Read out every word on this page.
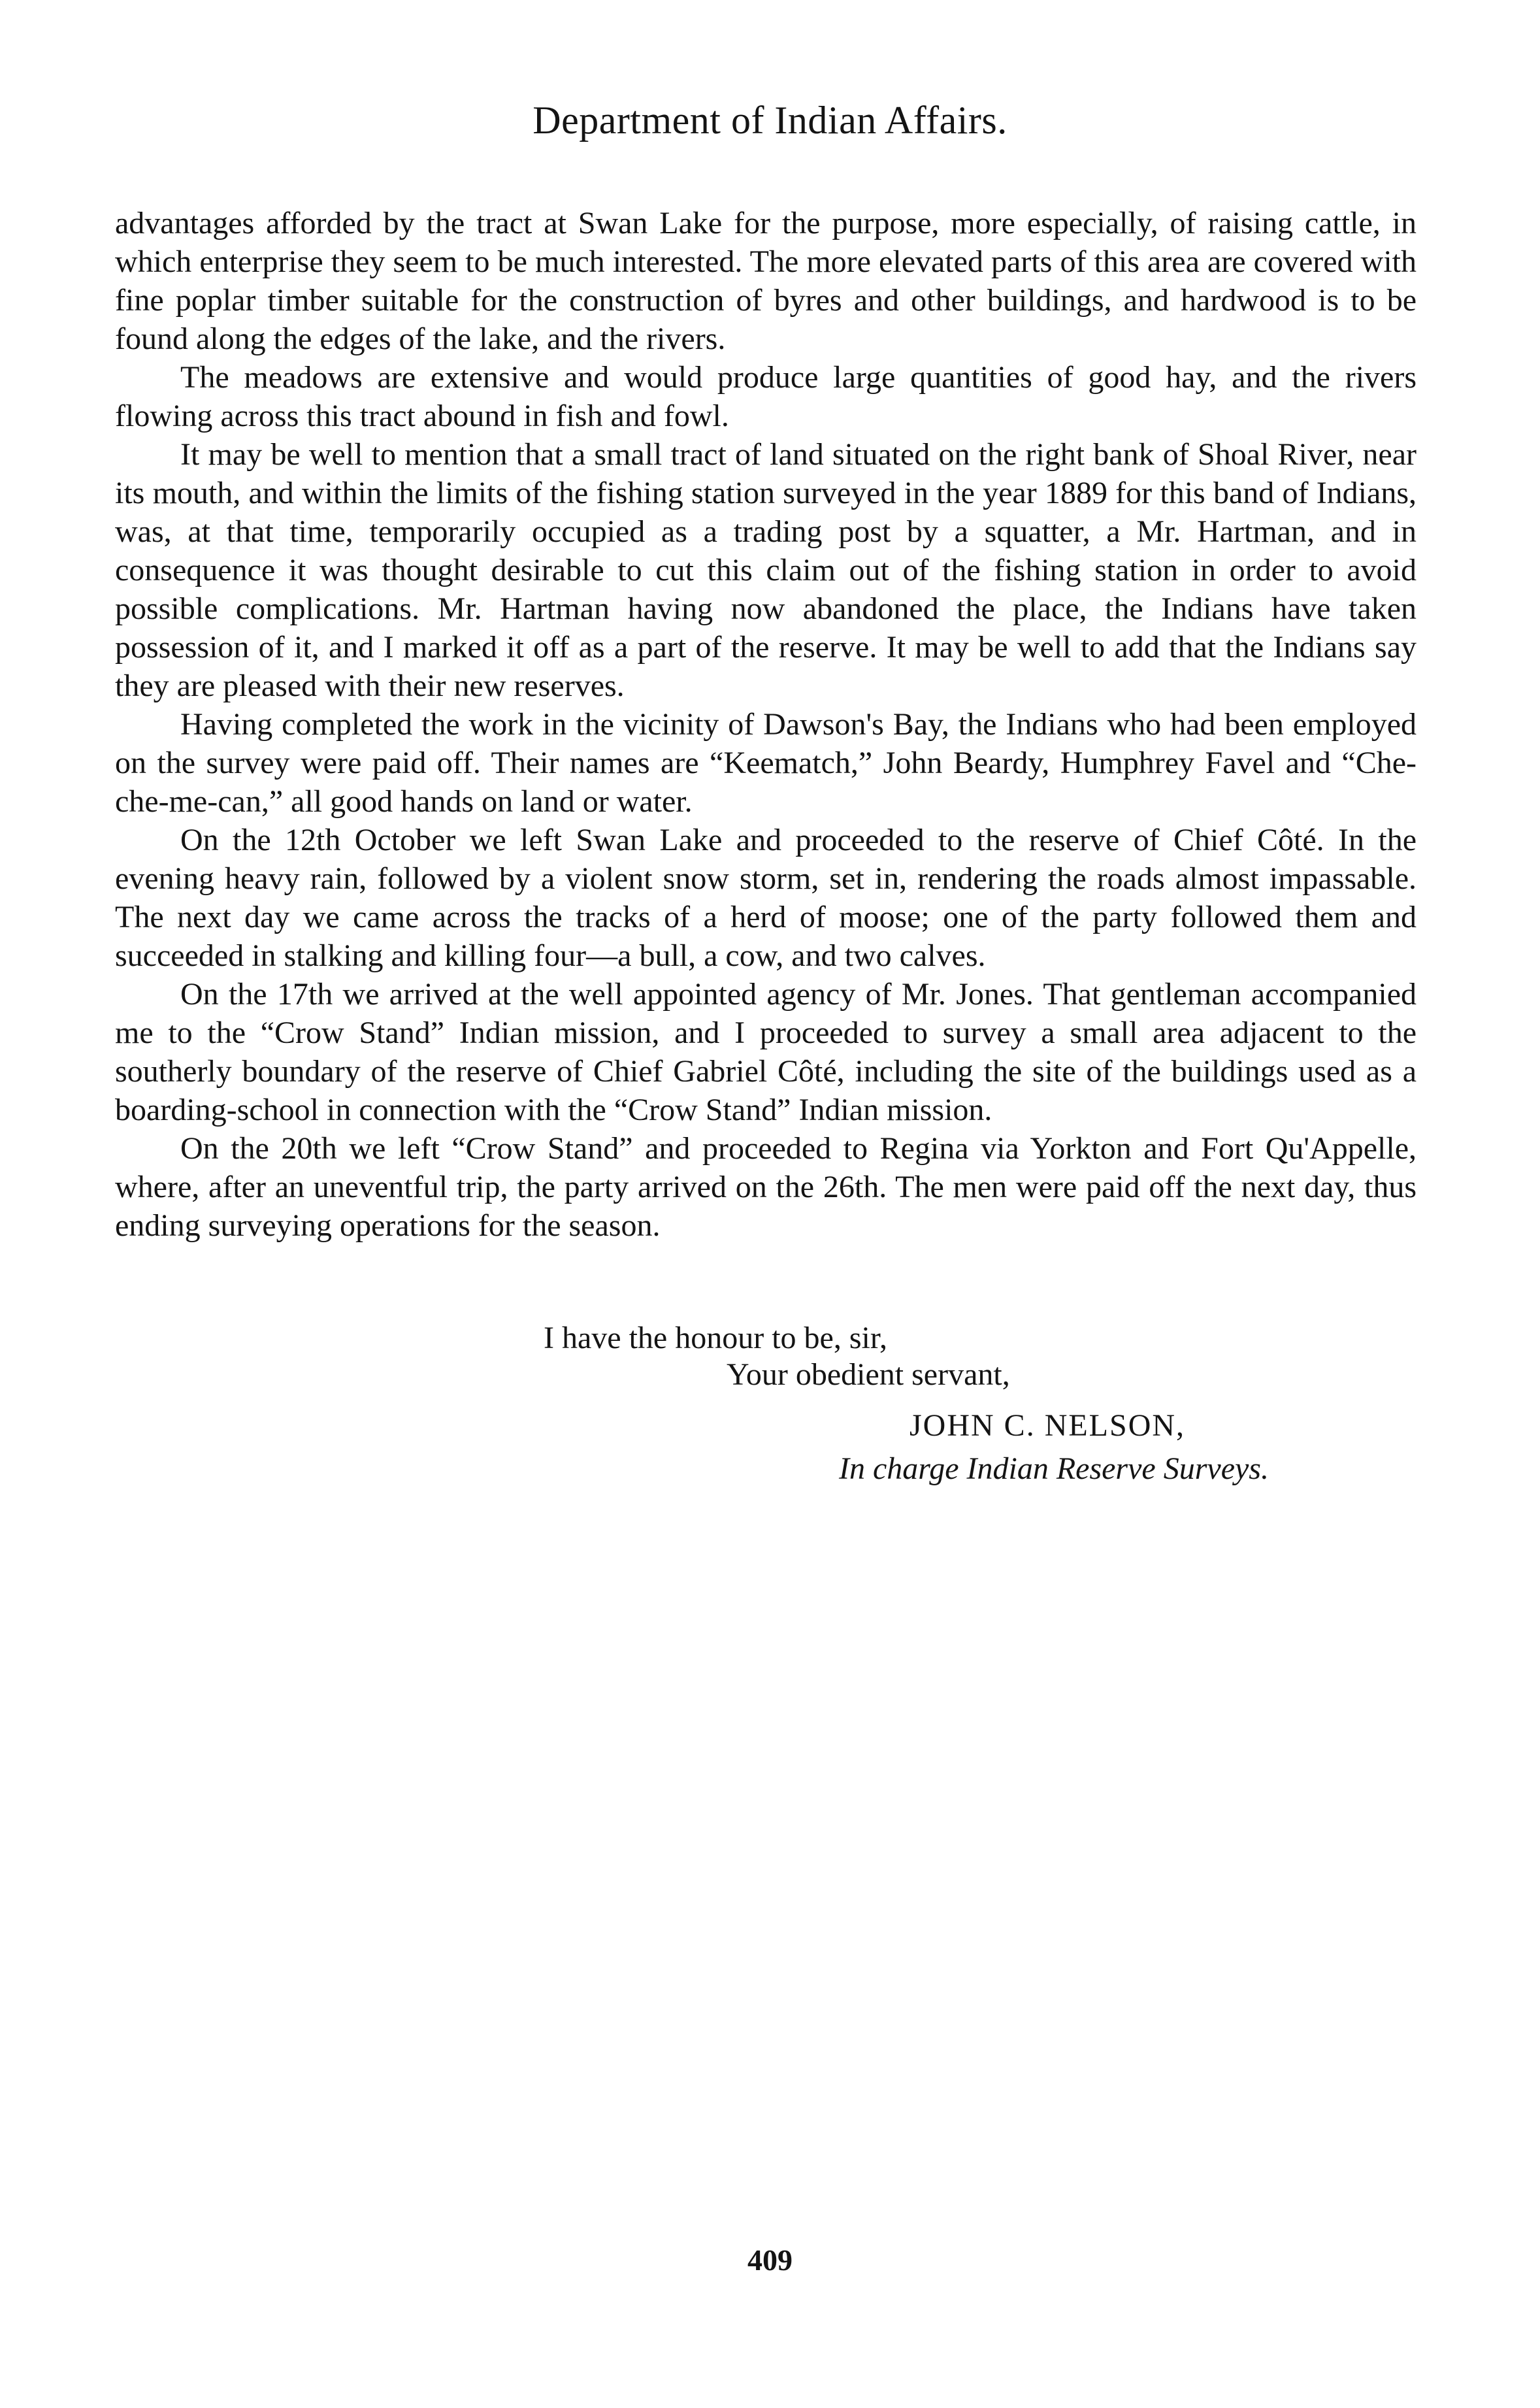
Department of Indian Affairs.

advantages afforded by the tract at Swan Lake for the purpose, more especially, of raising cattle, in which enterprise they seem to be much interested. The more elevated parts of this area are covered with fine poplar timber suitable for the construction of byres and other buildings, and hardwood is to be found along the edges of the lake, and the rivers.

The meadows are extensive and would produce large quantities of good hay, and the rivers flowing across this tract abound in fish and fowl.

It may be well to mention that a small tract of land situated on the right bank of Shoal River, near its mouth, and within the limits of the fishing station surveyed in the year 1889 for this band of Indians, was, at that time, temporarily occupied as a trading post by a squatter, a Mr. Hartman, and in consequence it was thought desirable to cut this claim out of the fishing station in order to avoid possible complications. Mr. Hartman having now abandoned the place, the Indians have taken possession of it, and I marked it off as a part of the reserve. It may be well to add that the Indians say they are pleased with their new reserves.

Having completed the work in the vicinity of Dawson's Bay, the Indians who had been employed on the survey were paid off. Their names are “Keematch,” John Beardy, Humphrey Favel and “Che-che-me-can,” all good hands on land or water.

On the 12th October we left Swan Lake and proceeded to the reserve of Chief Côté. In the evening heavy rain, followed by a violent snow storm, set in, rendering the roads almost impassable. The next day we came across the tracks of a herd of moose; one of the party followed them and succeeded in stalking and killing four—a bull, a cow, and two calves.

On the 17th we arrived at the well appointed agency of Mr. Jones. That gentleman accompanied me to the “Crow Stand” Indian mission, and I proceeded to survey a small area adjacent to the southerly boundary of the reserve of Chief Gabriel Côté, including the site of the buildings used as a boarding-school in connection with the “Crow Stand” Indian mission.

On the 20th we left “Crow Stand” and proceeded to Regina via Yorkton and Fort Qu'Appelle, where, after an uneventful trip, the party arrived on the 26th. The men were paid off the next day, thus ending surveying operations for the season.

I have the honour to be, sir,
Your obedient servant,
JOHN C. NELSON,
In charge Indian Reserve Surveys.
409
